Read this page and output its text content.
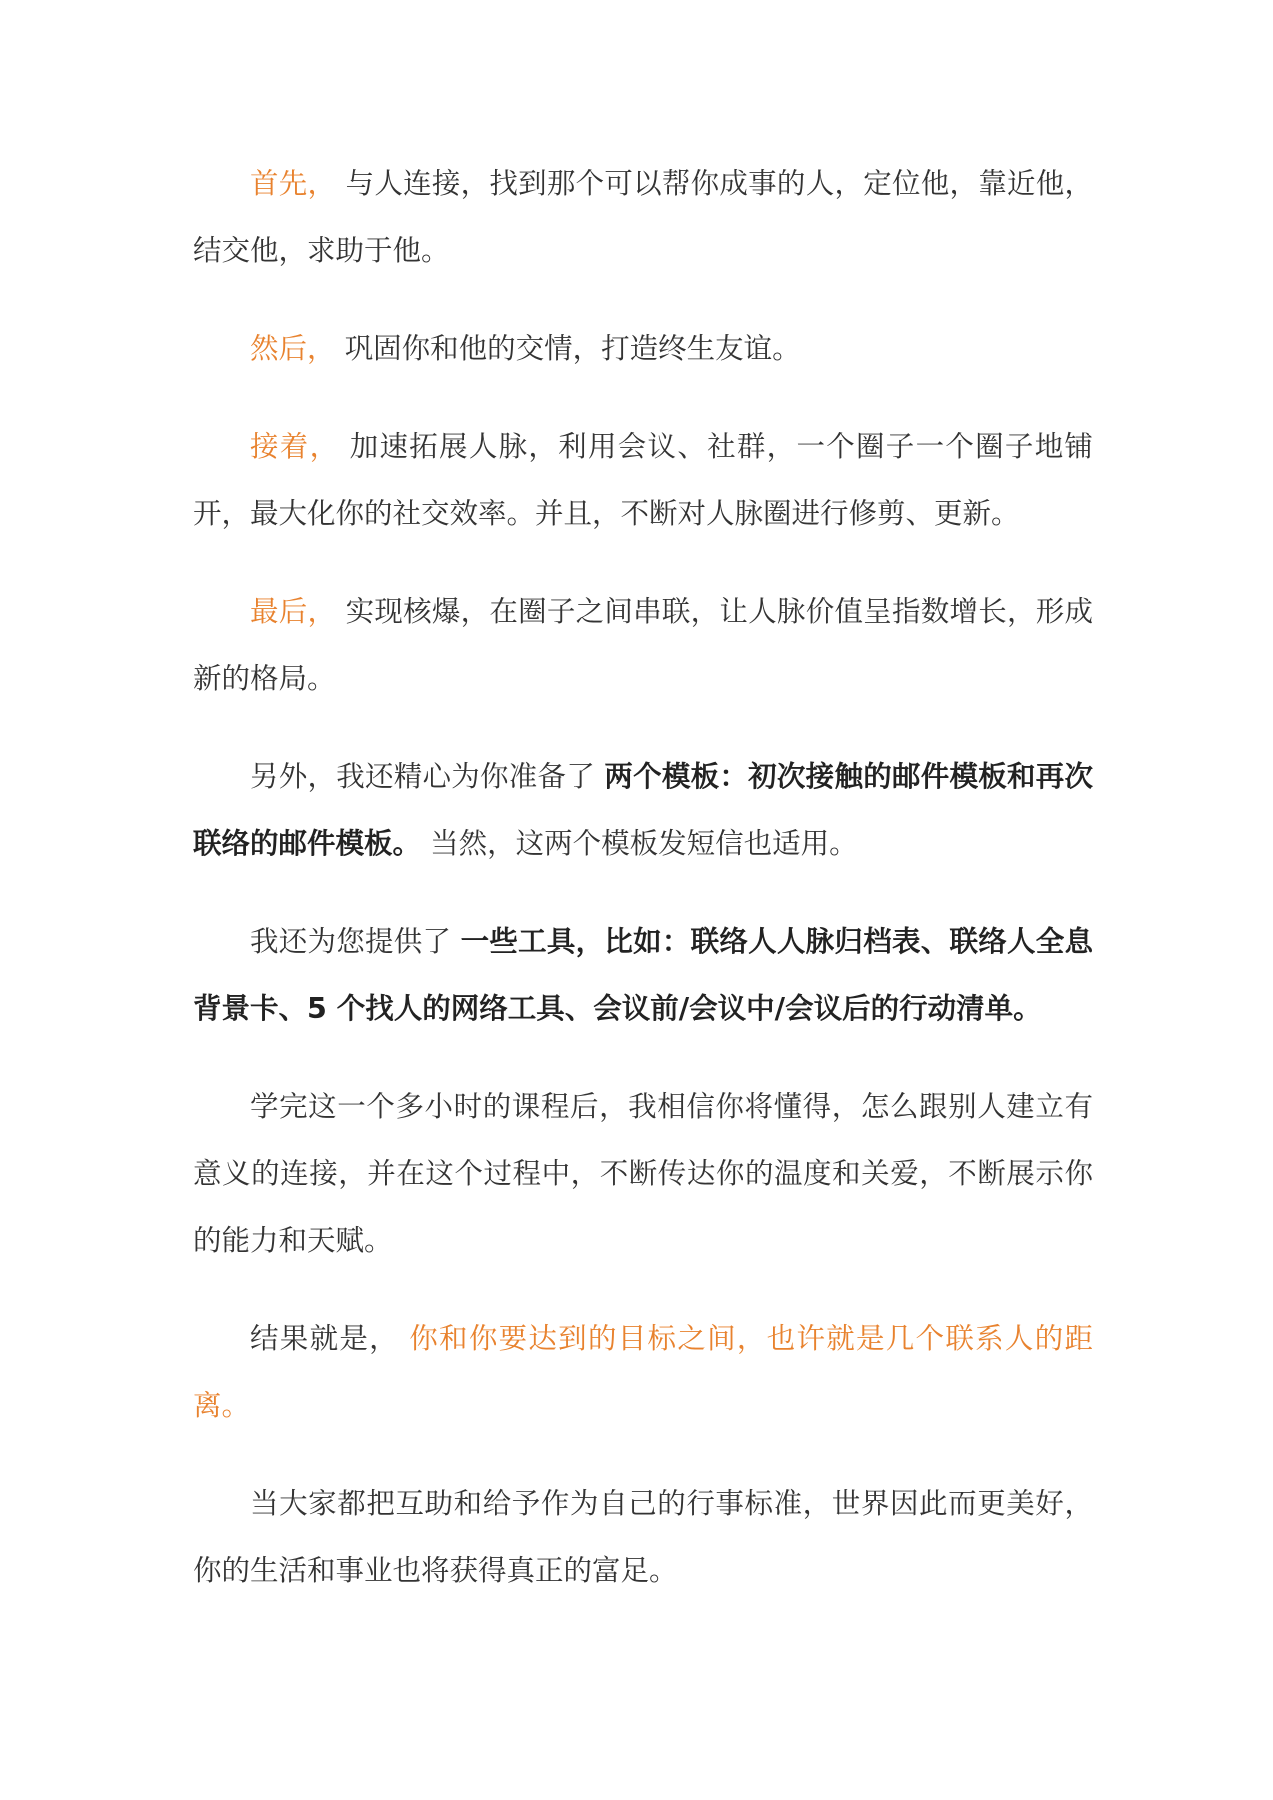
首先， 与人连接，找到那个可以帮你成事的人，定位他，靠近他，结交他，求助于他。

然后， 巩固你和他的交情，打造终生友谊。

接着， 加速拓展人脉，利用会议、社群，一个圈子一个圈子地铺开，最大化你的社交效率。并且，不断对人脉圈进行修剪、更新。

最后， 实现核爆，在圈子之间串联，让人脉价值呈指数增长，形成新的格局。

另外，我还精心为你准备了 两个模板：初次接触的邮件模板和再次联络的邮件模板。 当然，这两个模板发短信也适用。

我还为您提供了 一些工具，比如：联络人人脉归档表、联络人全息背景卡、5 个找人的网络工具、会议前/会议中/会议后的行动清单。

学完这一个多小时的课程后，我相信你将懂得，怎么跟别人建立有意义的连接，并在这个过程中，不断传达你的温度和关爱，不断展示你的能力和天赋。

结果就是， 你和你要达到的目标之间，也许就是几个联系人的距离。

当大家都把互助和给予作为自己的行事标准，世界因此而更美好，你的生活和事业也将获得真正的富足。
